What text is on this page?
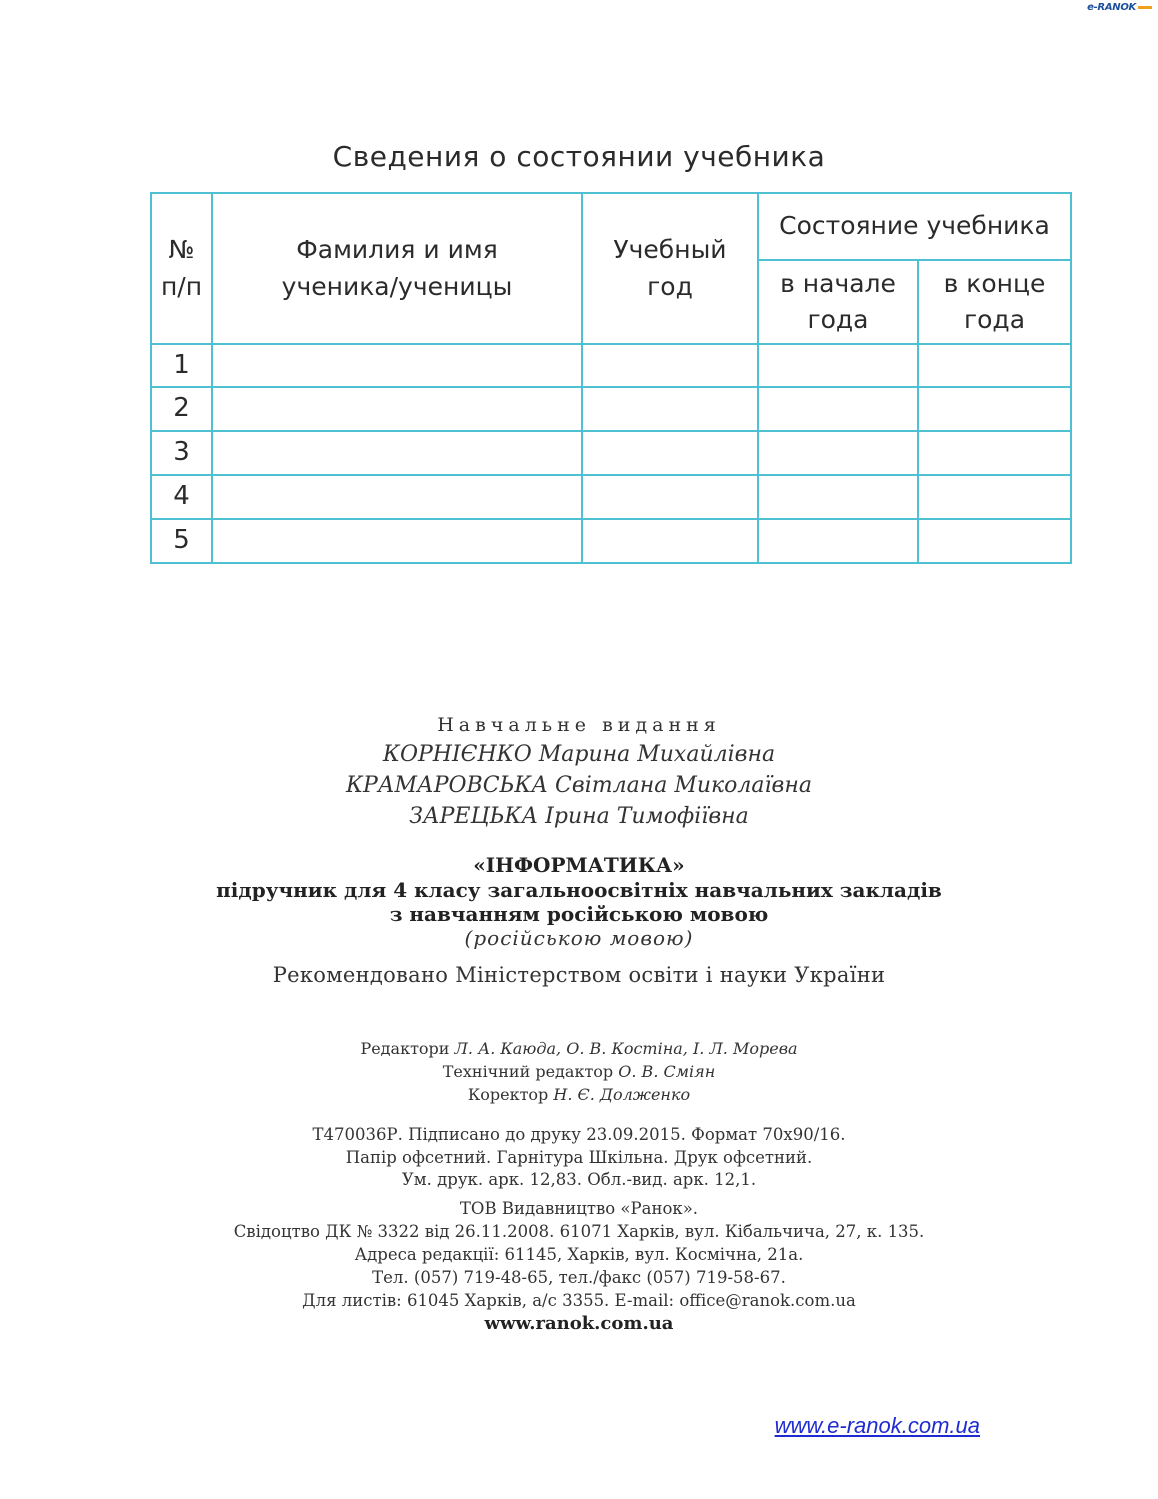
e-RANOK
Сведения о состоянии учебника
№ п/п	Фамилия и имя ученика/ученицы	Учебный год	Состояние учебника	
			в начале года	в конце года
1				
2				
3				
4				
5				
Навчальне видання
КОРНІЄНКО Марина Михайлівна
КРАМАРОВСЬКА Світлана Миколаївна
ЗАРЕЦЬКА Ірина Тимофіївна
«ІНФОРМАТИКА»
підручник для 4 класу загальноосвітніх навчальних закладів
з навчанням російською мовою
(російською мовою)
Рекомендовано Міністерством освіти і науки України
Редактори Л. А. Каюда, О. В. Костіна, І. Л. Морева
Технічний редактор О. В. Сміян
Коректор Н. Є. Долженко
Т470036Р. Підписано до друку 23.09.2015. Формат 70x90/16.
Папір офсетний. Гарнітура Шкільна. Друк офсетний.
Ум. друк. арк. 12,83. Обл.-вид. арк. 12,1.
ТОВ Видавництво «Ранок».
Свідоцтво ДК № 3322 від 26.11.2008. 61071 Харків, вул. Кібальчича, 27, к. 135.
Адреса редакції: 61145, Харків, вул. Космічна, 21а.
Тел. (057) 719-48-65, тел./факс (057) 719-58-67.
Для листів: 61045 Харків, а/с 3355. E-mail: office@ranok.com.ua
www.ranok.com.ua
www.e-ranok.com.ua
